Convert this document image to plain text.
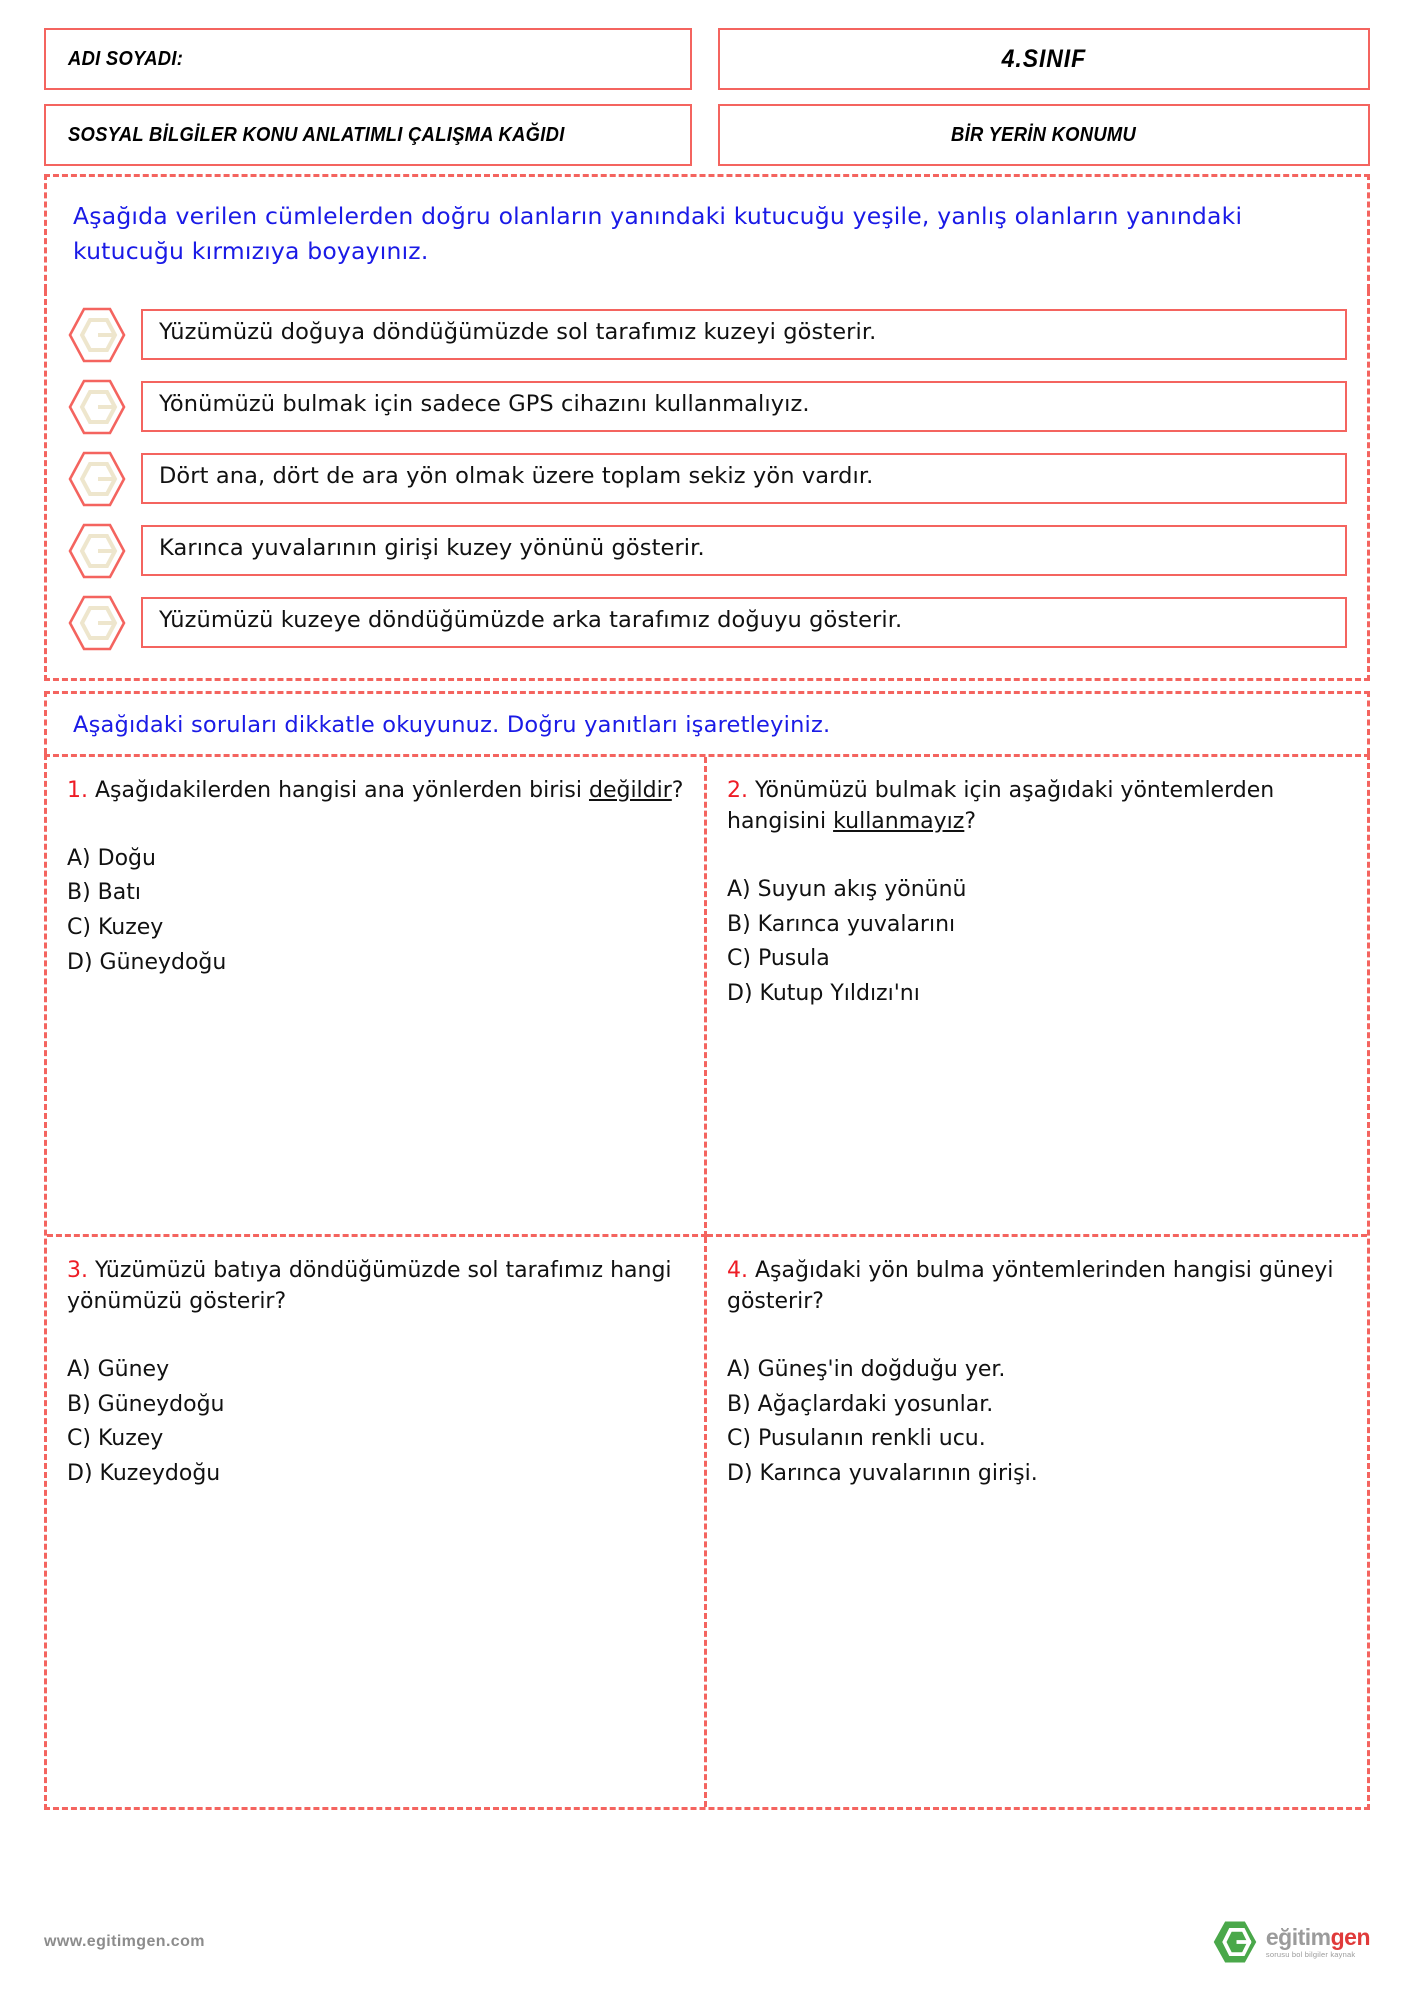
ADI SOYADI:
SOSYAL BİLGİLER KONU ANLATIMLI ÇALIŞMA KAĞIDI
4.SINIF
BİR YERİN KONUMU
Aşağıda verilen cümlelerden doğru olanların yanındaki kutucuğu yeşile, yanlış olanların yanındaki kutucuğu kırmızıya boyayınız.
Yüzümüzü doğuya döndüğümüzde sol tarafımız kuzeyi gösterir.
Yönümüzü bulmak için sadece GPS cihazını kullanmalıyız.
Dört ana, dört de ara yön olmak üzere toplam sekiz yön vardır.
Karınca yuvalarının girişi kuzey yönünü gösterir.
Yüzümüzü kuzeye döndüğümüzde arka tarafımız doğuyu gösterir.
Aşağıdaki soruları dikkatle okuyunuz. Doğru yanıtları işaretleyiniz.
1. Aşağıdakilerden hangisi ana yönlerden birisi değildir?
A) Doğu
B) Batı
C) Kuzey
D) Güneydoğu
2. Yönümüzü bulmak için aşağıdaki yöntemlerden hangisini kullanmayız?
A) Suyun akış yönünü
B) Karınca yuvalarını
C) Pusula
D) Kutup Yıldızı'nı
3. Yüzümüzü batıya döndüğümüzde sol tarafımız hangi yönümüzü gösterir?
A) Güney
B) Güneydoğu
C) Kuzey
D) Kuzeydoğu
4. Aşağıdaki yön bulma yöntemlerinden hangisi güneyi gösterir?
A) Güneş'in doğduğu yer.
B) Ağaçlardaki yosunlar.
C) Pusulanın renkli ucu.
D) Karınca yuvalarının girişi.
www.egitimgen.com	eğitimgen
sorusu bol bilgiler kaynak
